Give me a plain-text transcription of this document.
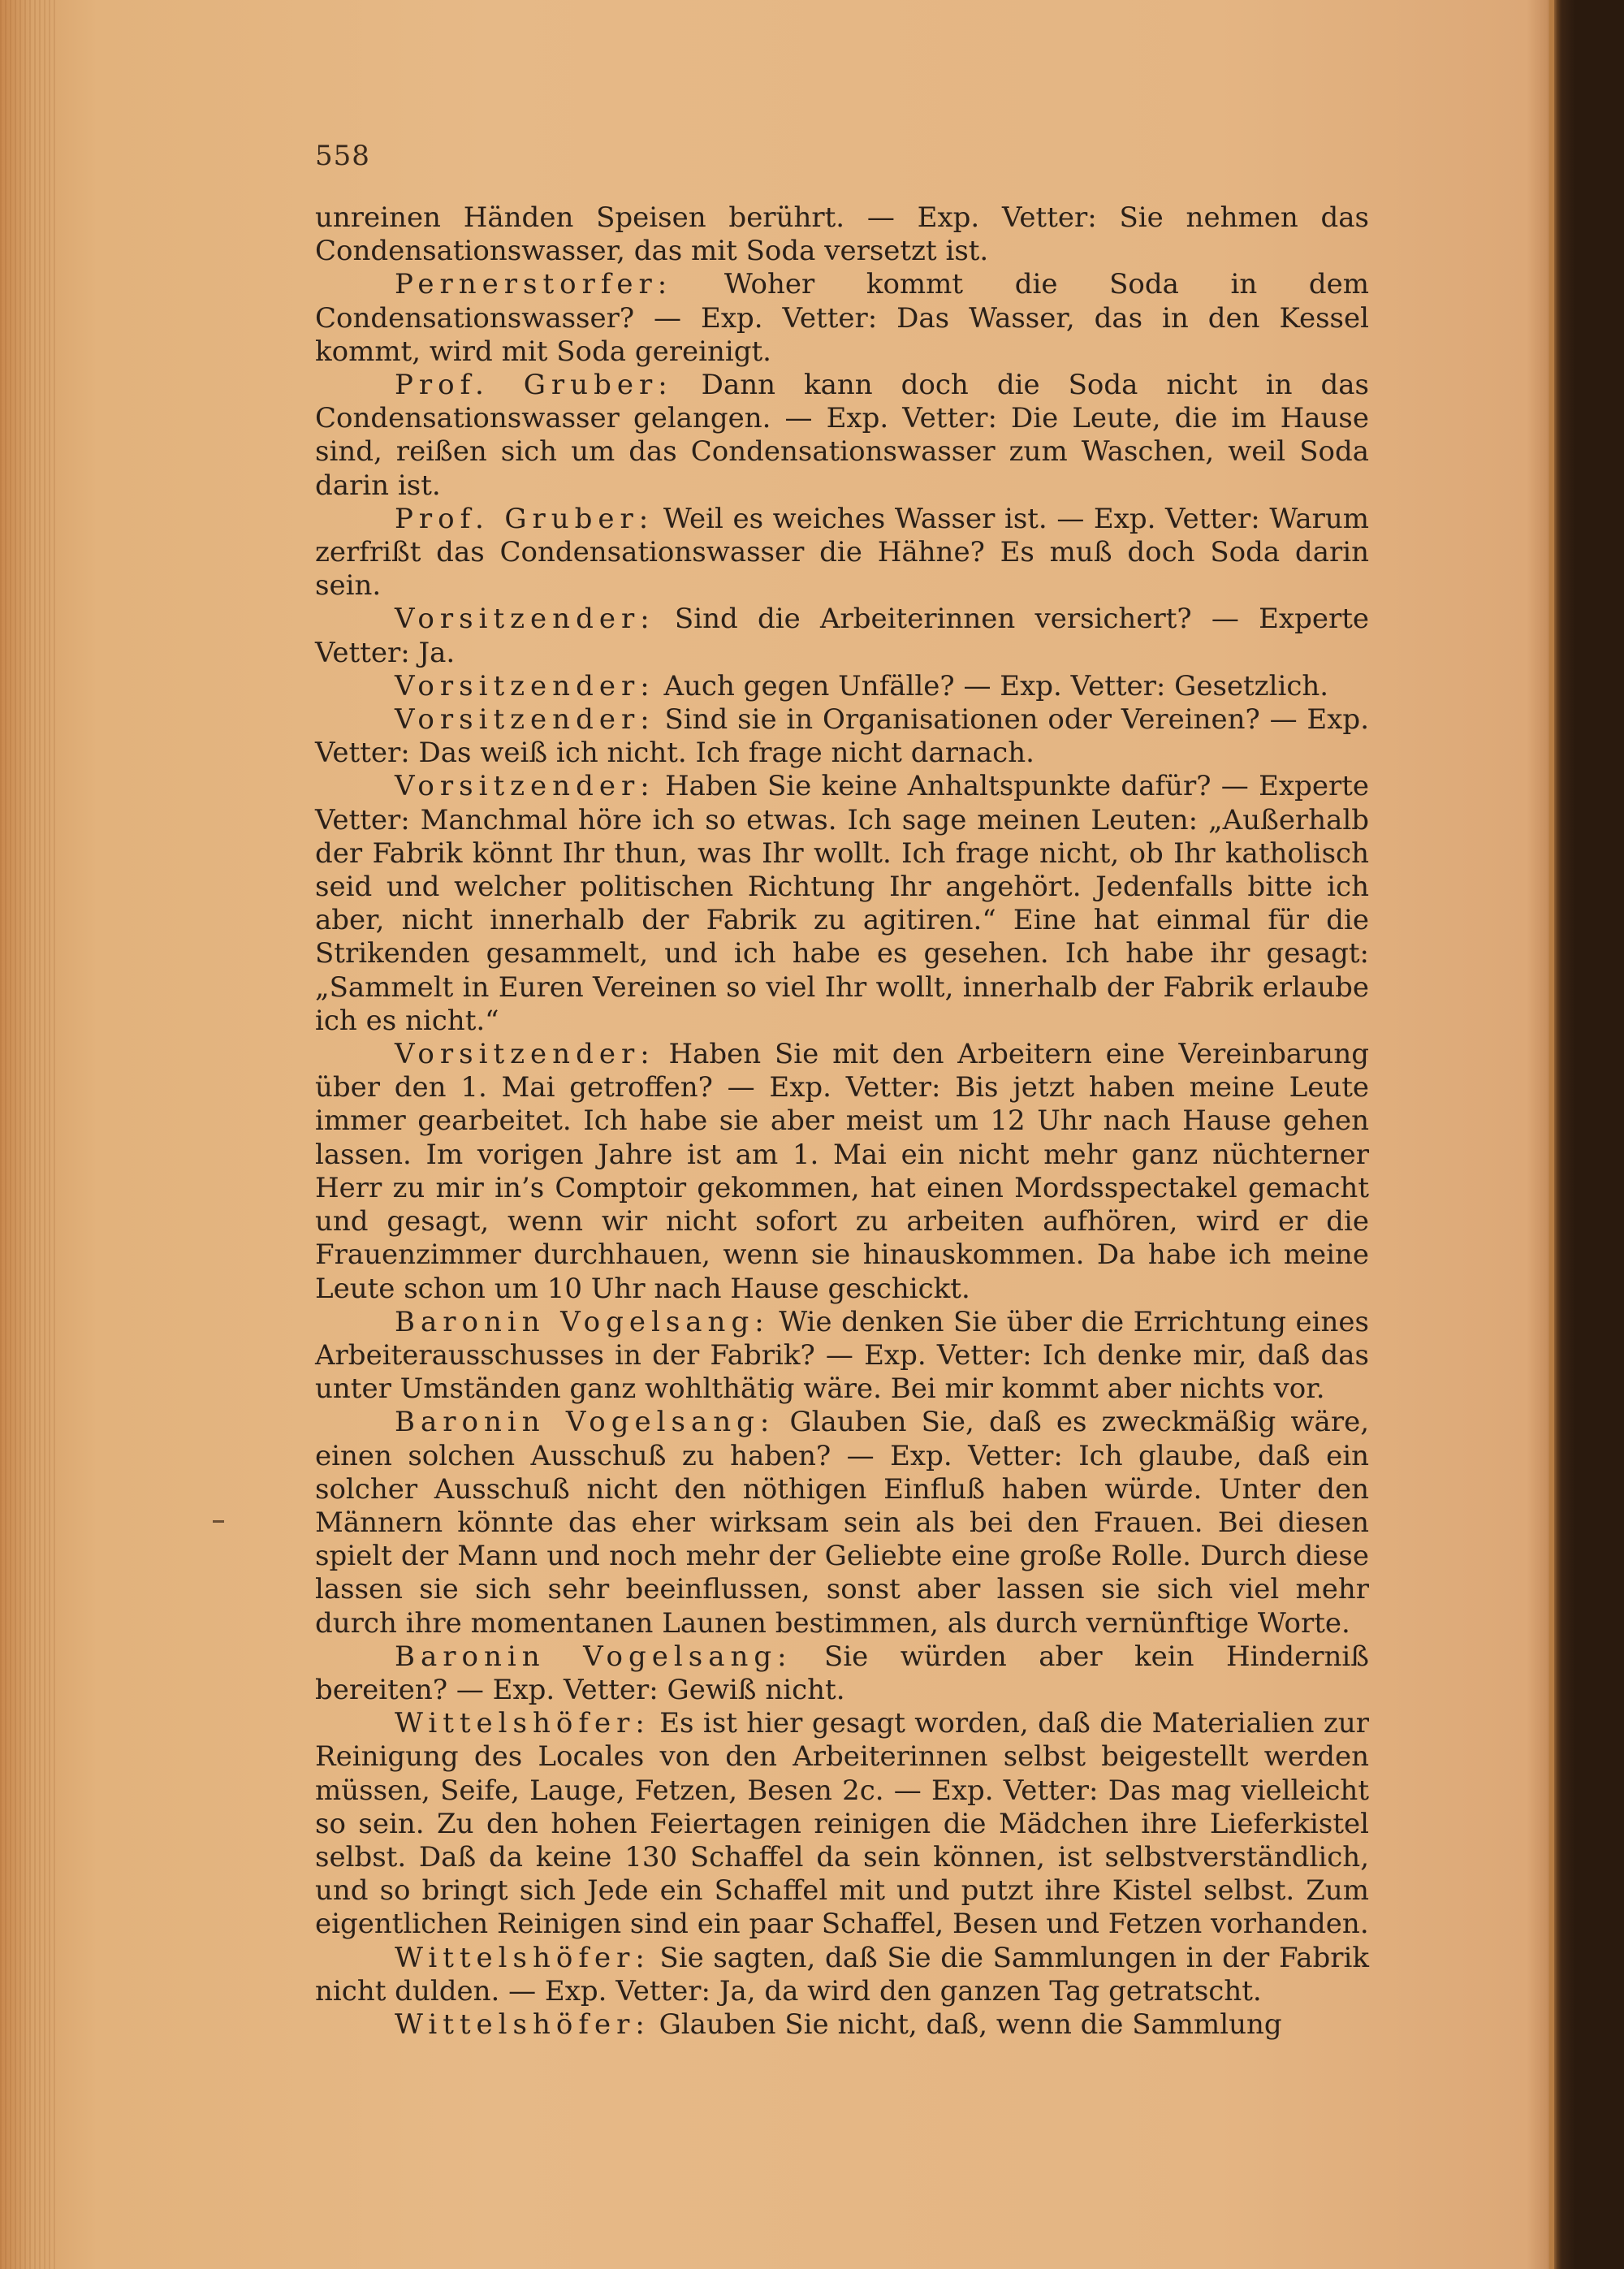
558

unreinen Händen Speisen berührt. — Exp. Vetter: Sie nehmen das Condensationswasser, das mit Soda versetzt ist.

Pernerstorfer: Woher kommt die Soda in dem Condensationswasser? — Exp. Vetter: Das Wasser, das in den Kessel kommt, wird mit Soda gereinigt.

Prof. Gruber: Dann kann doch die Soda nicht in das Condensationswasser gelangen. — Exp. Vetter: Die Leute, die im Hause sind, reißen sich um das Condensationswasser zum Waschen, weil Soda darin ist.

Prof. Gruber: Weil es weiches Wasser ist. — Exp. Vetter: Warum zerfrißt das Condensationswasser die Hähne? Es muß doch Soda darin sein.

Vorsitzender: Sind die Arbeiterinnen versichert? — Experte Vetter: Ja.

Vorsitzender: Auch gegen Unfälle? — Exp. Vetter: Gesetzlich.

Vorsitzender: Sind sie in Organisationen oder Vereinen? — Exp. Vetter: Das weiß ich nicht. Ich frage nicht darnach.

Vorsitzender: Haben Sie keine Anhaltspunkte dafür? — Experte Vetter: Manchmal höre ich so etwas. Ich sage meinen Leuten: „Außerhalb der Fabrik könnt Ihr thun, was Ihr wollt. Ich frage nicht, ob Ihr katholisch seid und welcher politischen Richtung Ihr angehört. Jedenfalls bitte ich aber, nicht innerhalb der Fabrik zu agitiren.“ Eine hat einmal für die Strikenden gesammelt, und ich habe es gesehen. Ich habe ihr gesagt: „Sammelt in Euren Vereinen so viel Ihr wollt, innerhalb der Fabrik erlaube ich es nicht.“

Vorsitzender: Haben Sie mit den Arbeitern eine Vereinbarung über den 1. Mai getroffen? — Exp. Vetter: Bis jetzt haben meine Leute immer gearbeitet. Ich habe sie aber meist um 12 Uhr nach Hause gehen lassen. Im vorigen Jahre ist am 1. Mai ein nicht mehr ganz nüchterner Herr zu mir in’s Comptoir gekommen, hat einen Mordsspectakel gemacht und gesagt, wenn wir nicht sofort zu arbeiten aufhören, wird er die Frauenzimmer durchhauen, wenn sie hinauskommen. Da habe ich meine Leute schon um 10 Uhr nach Hause geschickt.

Baronin Vogelsang: Wie denken Sie über die Errichtung eines Arbeiterausschusses in der Fabrik? — Exp. Vetter: Ich denke mir, daß das unter Umständen ganz wohlthätig wäre. Bei mir kommt aber nichts vor.

Baronin Vogelsang: Glauben Sie, daß es zweckmäßig wäre, einen solchen Ausschuß zu haben? — Exp. Vetter: Ich glaube, daß ein solcher Ausschuß nicht den nöthigen Einfluß haben würde. Unter den Männern könnte das eher wirksam sein als bei den Frauen. Bei diesen spielt der Mann und noch mehr der Geliebte eine große Rolle. Durch diese lassen sie sich sehr beeinflussen, sonst aber lassen sie sich viel mehr durch ihre momentanen Launen bestimmen, als durch vernünftige Worte.

Baronin Vogelsang: Sie würden aber kein Hinderniß bereiten? — Exp. Vetter: Gewiß nicht.

Wittelshöfer: Es ist hier gesagt worden, daß die Materialien zur Reinigung des Locales von den Arbeiterinnen selbst beigestellt werden müssen, Seife, Lauge, Fetzen, Besen 2c. — Exp. Vetter: Das mag vielleicht so sein. Zu den hohen Feiertagen reinigen die Mädchen ihre Lieferkistel selbst. Daß da keine 130 Schaffel da sein können, ist selbstverständlich, und so bringt sich Jede ein Schaffel mit und putzt ihre Kistel selbst. Zum eigentlichen Reinigen sind ein paar Schaffel, Besen und Fetzen vorhanden.

Wittelshöfer: Sie sagten, daß Sie die Sammlungen in der Fabrik nicht dulden. — Exp. Vetter: Ja, da wird den ganzen Tag getratscht.

Wittelshöfer: Glauben Sie nicht, daß, wenn die Sammlung
